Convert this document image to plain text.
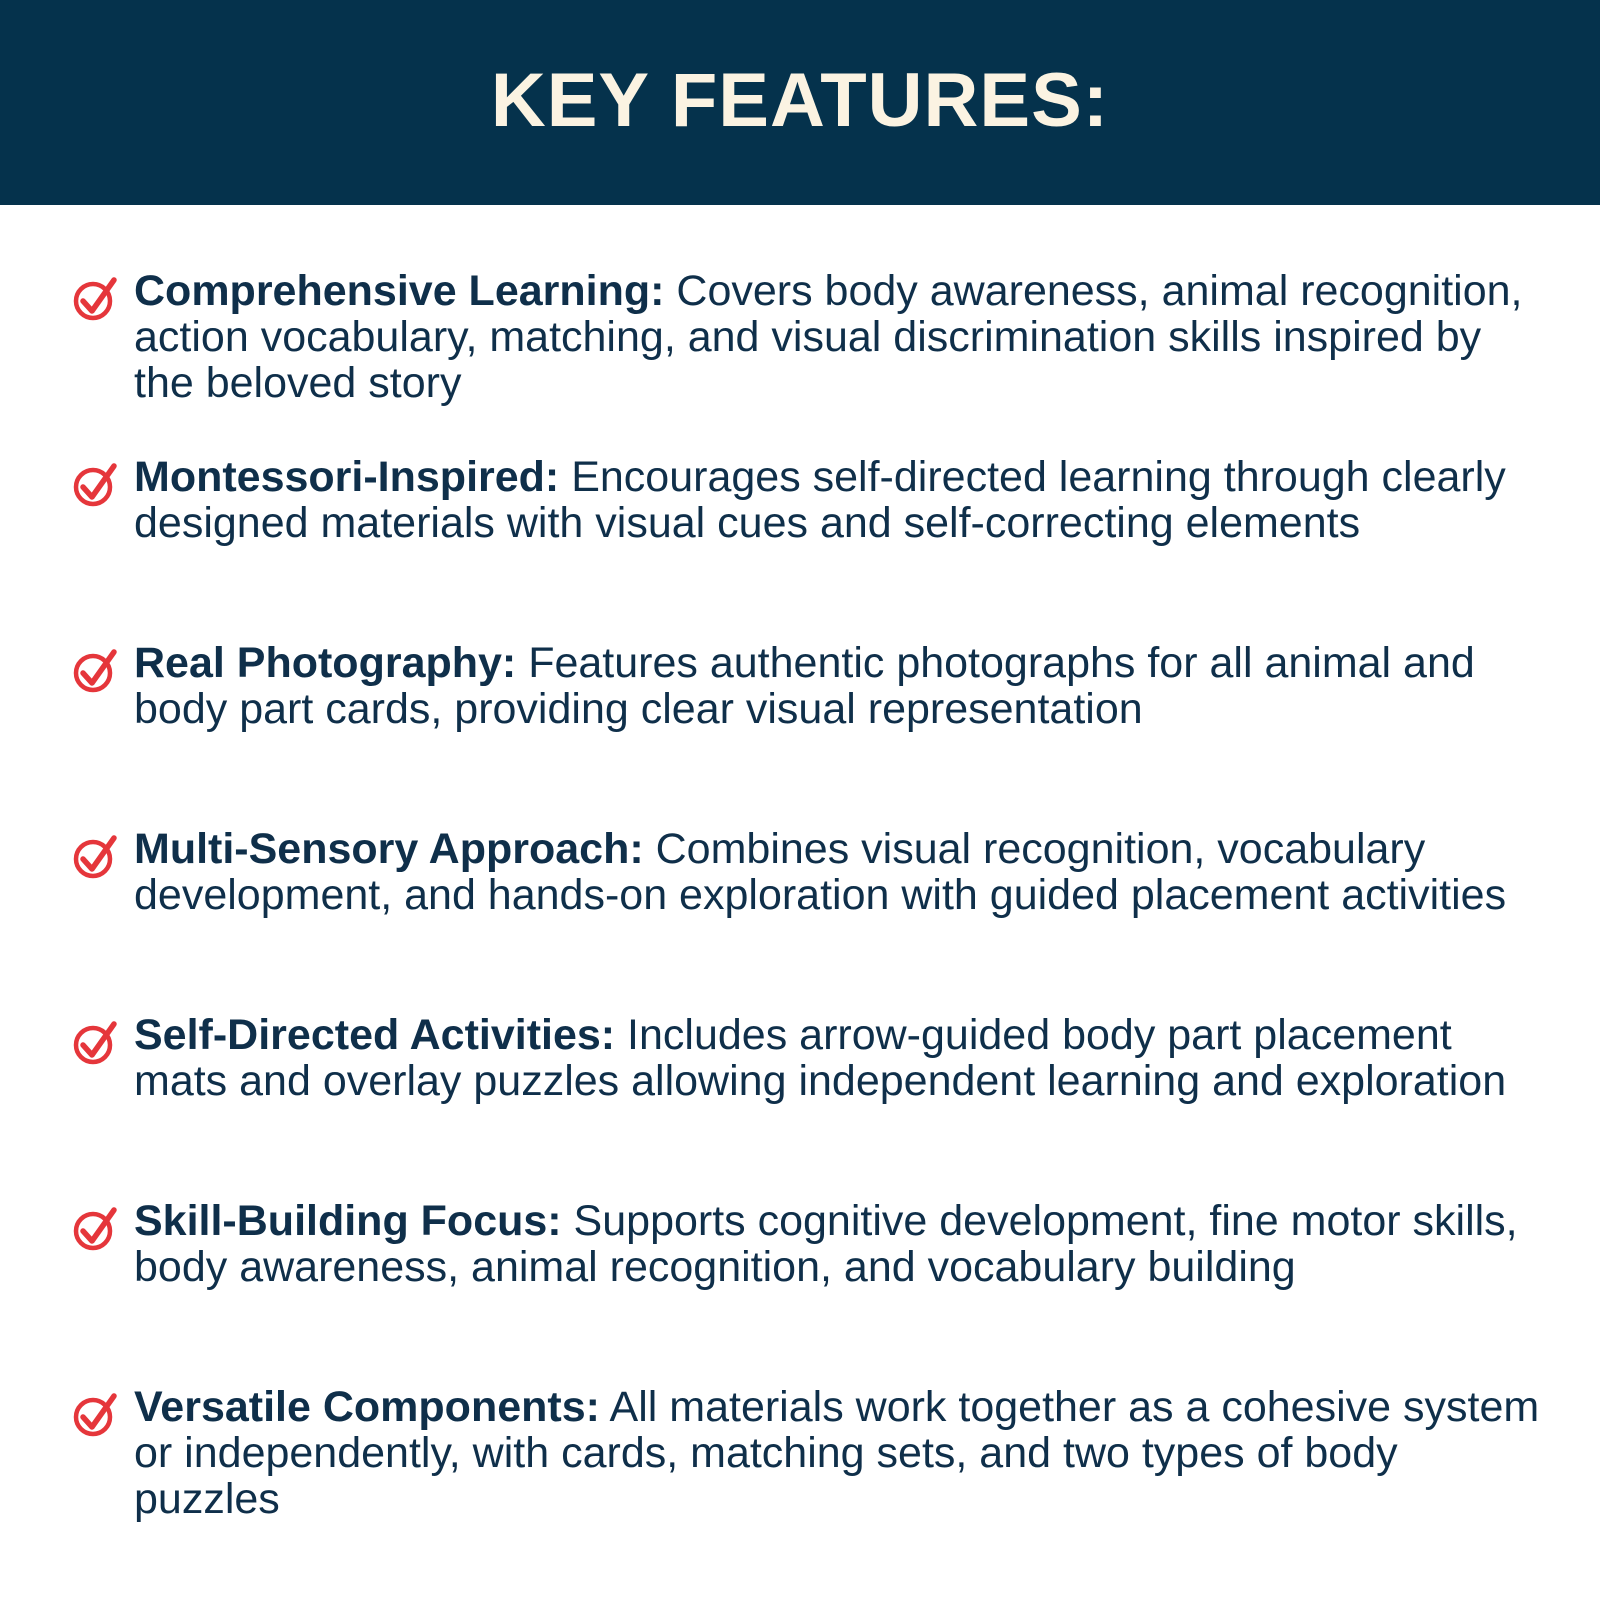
KEY FEATURES:
Comprehensive Learning: Covers body awareness, animal recognition, action vocabulary, matching, and visual discrimination skills inspired by the beloved story
Montessori-Inspired: Encourages self-directed learning through clearly designed materials with visual cues and self-correcting elements
Real Photography: Features authentic photographs for all animal and body part cards, providing clear visual representation
Multi-Sensory Approach: Combines visual recognition, vocabulary development, and hands-on exploration with guided placement activities
Self-Directed Activities: Includes arrow-guided body part placement mats and overlay puzzles allowing independent learning and exploration
Skill-Building Focus: Supports cognitive development, fine motor skills, body awareness, animal recognition, and vocabulary building
Versatile Components: All materials work together as a cohesive system or independently, with cards, matching sets, and two types of body puzzles
